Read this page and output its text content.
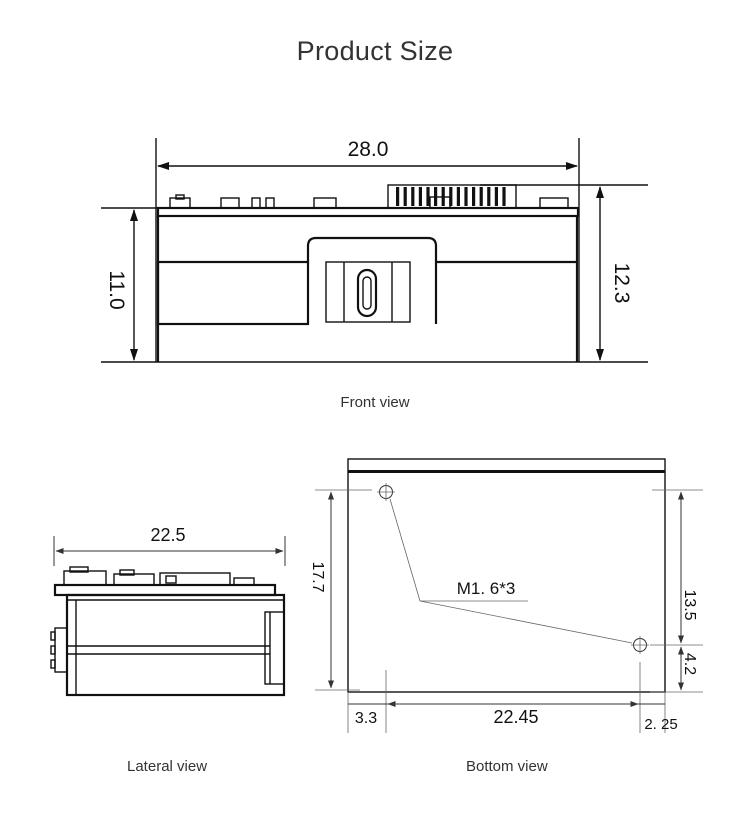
Product Size
28.0
11.0	12.3
22.5
17.7
13.5
4.2
3.3	22.45	2. 25
M1. 6*3
Front view
Lateral view	Bottom view
